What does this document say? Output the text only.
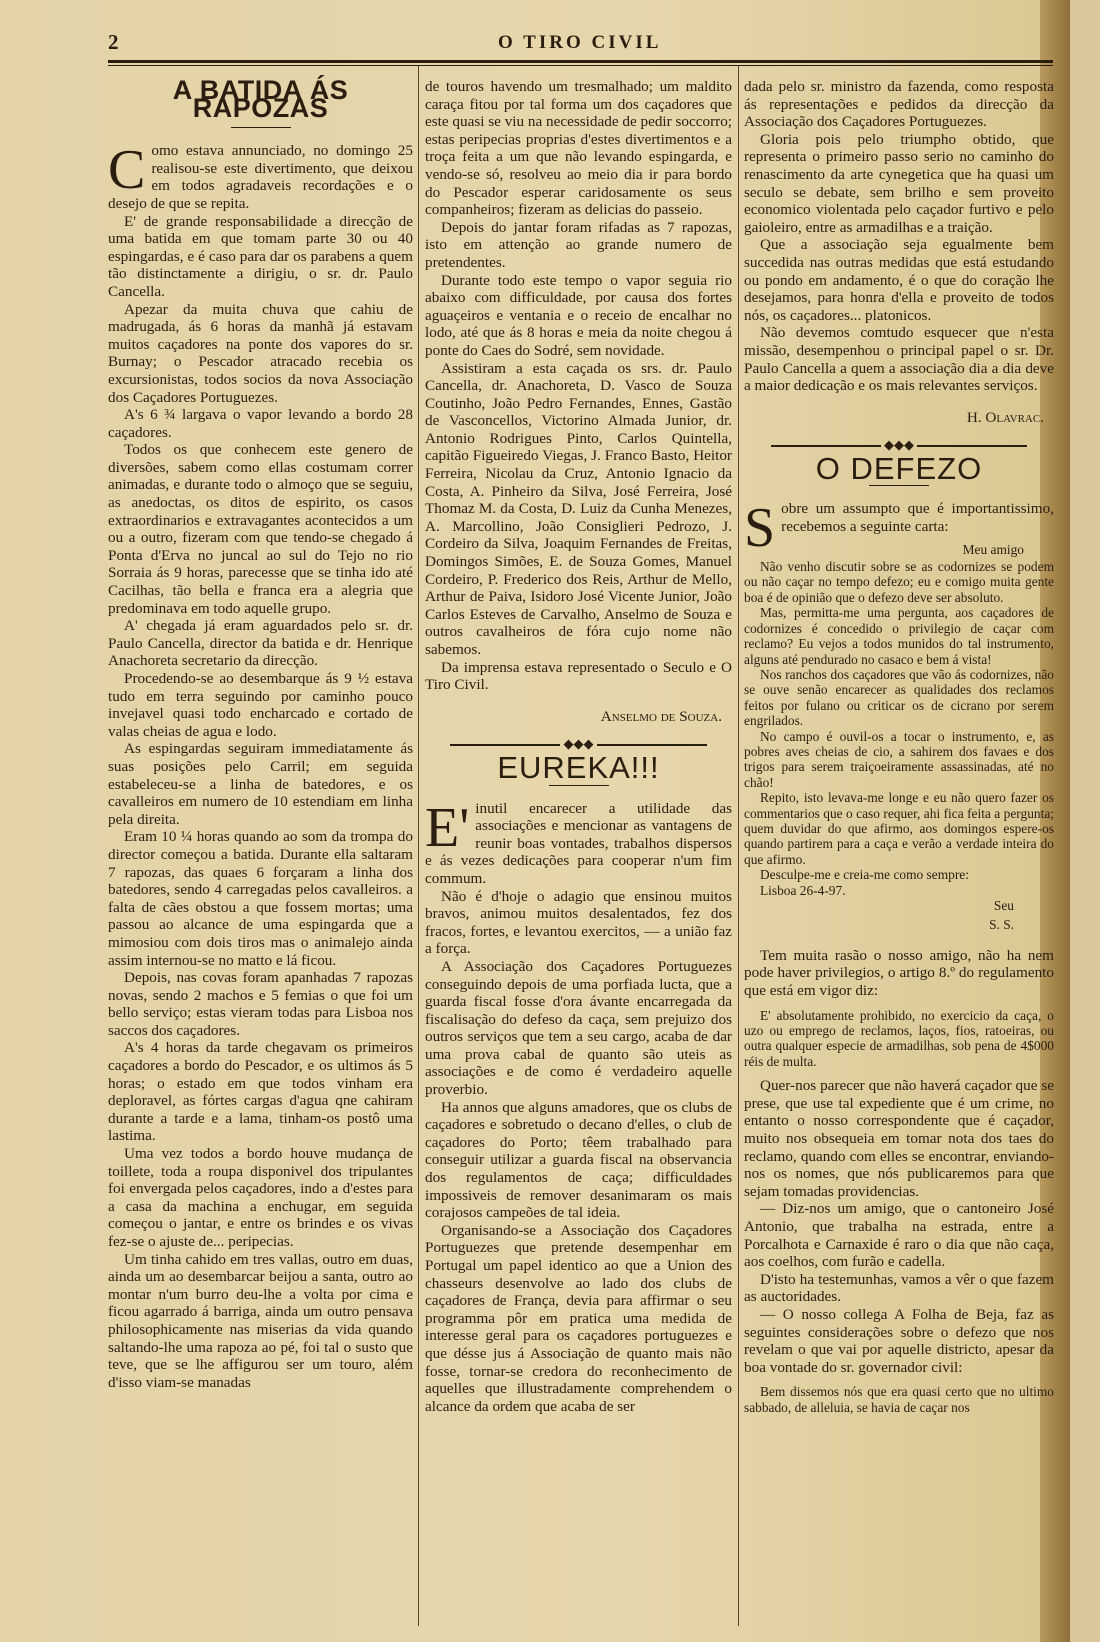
2	O TIRO CIVIL
A BATIDA ÁS RAPOZAS

Como estava annunciado, no domingo 25 realisou-se este divertimento, que deixou em todos agradaveis recordações e o desejo de que se repita.

E' de grande responsabilidade a direcção de uma batida em que tomam parte 30 ou 40 espingardas, e é caso para dar os parabens a quem tão distinctamente a dirigiu, o sr. dr. Paulo Cancella.

Apezar da muita chuva que cahiu de madrugada, ás 6 horas da manhã já estavam muitos caçadores na ponte dos vapores do sr. Burnay; o Pescador atracado recebia os excursionistas, todos socios da nova Associação dos Caçadores Portuguezes.

A's 6 ¾ largava o vapor levando a bordo 28 caçadores.

Todos os que conhecem este genero de diversões, sabem como ellas costumam correr animadas, e durante todo o almoço que se seguiu, as anedoctas, os ditos de espirito, os casos extraordinarios e extravagantes acontecidos a um ou a outro, fizeram com que tendo-se chegado á Ponta d'Erva no juncal ao sul do Tejo no rio Sorraia ás 9 horas, parecesse que se tinha ido até Cacilhas, tão bella e franca era a alegria que predominava em todo aquelle grupo.

A' chegada já eram aguardados pelo sr. dr. Paulo Cancella, director da batida e dr. Henrique Anachoreta secretario da direcção.

Procedendo-se ao desembarque ás 9 ½ estava tudo em terra seguindo por caminho pouco invejavel quasi todo encharcado e cortado de valas cheias de agua e lodo.

As espingardas seguiram immediatamente ás suas posições pelo Carril; em seguida estabeleceu-se a linha de batedores, e os cavalleiros em numero de 10 estendiam em linha pela direita.

Eram 10 ¼ horas quando ao som da trompa do director começou a batida. Durante ella saltaram 7 rapozas, das quaes 6 forçaram a linha dos batedores, sendo 4 carregadas pelos cavalleiros. a falta de cães obstou a que fossem mortas; uma passou ao alcance de uma espingarda que a mimosiou com dois tiros mas o animalejo ainda assim internou-se no matto e lá ficou.

Depois, nas covas foram apanhadas 7 rapozas novas, sendo 2 machos e 5 femias o que foi um bello serviço; estas vieram todas para Lisboa nos saccos dos caçadores.

A's 4 horas da tarde chegavam os primeiros caçadores a bordo do Pescador, e os ultimos ás 5 horas; o estado em que todos vinham era deploravel, as fórtes cargas d'agua qne cahiram durante a tarde e a lama, tinham-os postô uma lastima.

Uma vez todos a bordo houve mudança de toillete, toda a roupa disponivel dos tripulantes foi envergada pelos caçadores, indo a d'estes para a casa da machina a enchugar, em seguida começou o jantar, e entre os brindes e os vivas fez-se o ajuste de... peripecias.

Um tinha cahido em tres vallas, outro em duas, ainda um ao desembarcar beijou a santa, outro ao montar n'um burro deu-lhe a volta por cima e ficou agarrado á barriga, ainda um outro pensava philosophicamente nas miserias da vida quando saltando-lhe uma rapoza ao pé, foi tal o susto que teve, que se lhe affigurou ser um touro, além d'isso viam-se manadas

de touros havendo um tresmalhado; um maldito caraça fitou por tal forma um dos caçadores que este quasi se viu na necessidade de pedir soccorro; estas peripecias proprias d'estes divertimentos e a troça feita a um que não levando espingarda, e vendo-se só, resolveu ao meio dia ir para bordo do Pescador esperar caridosamente os seus companheiros; fizeram as delicias do passeio.

Depois do jantar foram rifadas as 7 rapozas, isto em attenção ao grande numero de pretendentes.

Durante todo este tempo o vapor seguia rio abaixo com difficuldade, por causa dos fortes aguaçeiros e ventania e o receio de encalhar no lodo, até que ás 8 horas e meia da noite chegou á ponte do Caes do Sodré, sem novidade.

Assistiram a esta caçada os srs. dr. Paulo Cancella, dr. Anachoreta, D. Vasco de Souza Coutinho, João Pedro Fernandes, Ennes, Gastão de Vasconcellos, Victorino Almada Junior, dr. Antonio Rodrigues Pinto, Carlos Quintella, capitão Figueiredo Viegas, J. Franco Basto, Heitor Ferreira, Nicolau da Cruz, Antonio Ignacio da Costa, A. Pinheiro da Silva, José Ferreira, José Thomaz M. da Costa, D. Luiz da Cunha Menezes, A. Marcollino, João Consiglieri Pedrozo, J. Cordeiro da Silva, Joaquim Fernandes de Freitas, Domingos Simões, E. de Souza Gomes, Manuel Cordeiro, P. Frederico dos Reis, Arthur de Mello, Arthur de Paiva, Isidoro José Vicente Junior, João Carlos Esteves de Carvalho, Anselmo de Souza e outros cavalheiros de fóra cujo nome não sabemos.

Da imprensa estava representado o Seculo e O Tiro Civil.

Anselmo de Souza.
◆◆◆
EUREKA!!!

E' inutil encarecer a utilidade das associações e mencionar as vantagens de reunir boas vontades, trabalhos dispersos e ás vezes dedicações para cooperar n'um fim commum.

Não é d'hoje o adagio que ensinou muitos bravos, animou muitos desalentados, fez dos fracos, fortes, e levantou exercitos, — a união faz a força.

A Associação dos Caçadores Portuguezes conseguindo depois de uma porfiada lucta, que a guarda fiscal fosse d'ora ávante encarregada da fiscalisação do defeso da caça, sem prejuizo dos outros serviços que tem a seu cargo, acaba de dar uma prova cabal de quanto são uteis as associações e de como é verdadeiro aquelle proverbio.

Ha annos que alguns amadores, que os clubs de caçadores e sobretudo o decano d'elles, o club de caçadores do Porto; têem trabalhado para conseguir utilizar a guarda fiscal na observancia dos regulamentos de caça; difficuldades impossiveis de remover desanimaram os mais corajosos campeões de tal ideia.

Organisando-se a Associação dos Caçadores Portuguezes que pretende desempenhar em Portugal um papel identico ao que a Union des chasseurs desenvolve ao lado dos clubs de caçadores de França, devia para affirmar o seu programma pôr em pratica uma medida de interesse geral para os caçadores portuguezes e que désse jus á Associação de quanto mais não fosse, tornar-se credora do reconhecimento de aquelles que illustradamente comprehendem o alcance da ordem que acaba de ser

dada pelo sr. ministro da fazenda, como resposta ás representações e pedidos da direcção da Associação dos Caçadores Portuguezes.

Gloria pois pelo triumpho obtido, que representa o primeiro passo serio no caminho do renascimento da arte cynegetica que ha quasi um seculo se debate, sem brilho e sem proveito economico violentada pelo caçador furtivo e pelo gaioleiro, entre as armadilhas e a traição.

Que a associação seja egualmente bem succedida nas outras medidas que está estudando ou pondo em andamento, é o que do coração lhe desejamos, para honra d'ella e proveito de todos nós, os caçadores... platonicos.

Não devemos comtudo esquecer que n'esta missão, desempenhou o principal papel o sr. Dr. Paulo Cancella a quem a associação dia a dia deve a maior dedicação e os mais relevantes serviços.

H. Olavrac.
◆◆◆
O DEFEZO

Sobre um assumpto que é importantissimo, recebemos a seguinte carta:

Meu amigo

Não venho discutir sobre se as codornizes se podem ou não caçar no tempo defezo; eu e comigo muita gente boa é de opinião que o defezo deve ser absoluto.

Mas, permitta-me uma pergunta, aos caçadores de codornizes é concedido o privilegio de caçar com reclamo? Eu vejos a todos munidos do tal instrumento, alguns até pendurado no casaco e bem á vista!

Nos ranchos dos caçadores que vão ás codornizes, não se ouve senão encarecer as qualidades dos reclamos feitos por fulano ou criticar os de cicrano por serem engrilados.

No campo é ouvil-os a tocar o instrumento, e, as pobres aves cheias de cio, a sahirem dos favaes e dos trigos para serem traiçoeiramente assassinadas, até no chão!

Repito, isto levava-me longe e eu não quero fazer os commentarios que o caso requer, ahi fica feita a pergunta; quem duvidar do que afirmo, aos domingos espere-os quando partirem para a caça e verão a verdade inteira do que afirmo.

Desculpe-me e creia-me como sempre:

Lisboa 26-4-97.

Seu
S. S.

Tem muita rasão o nosso amigo, não ha nem pode haver privilegios, o artigo 8.º do regulamento que está em vigor diz:

E' absolutamente prohibido, no exercicio da caça, o uzo ou emprego de reclamos, laços, fios, ratoeiras, ou outra qualquer especie de armadilhas, sob pena de 4$000 réis de multa.

Quer-nos parecer que não haverá caçador que se prese, que use tal expediente que é um crime, no entanto o nosso correspondente que é caçador, muito nos obsequeia em tomar nota dos taes do reclamo, quando com elles se encontrar, enviando-nos os nomes, que nós publicaremos para que sejam tomadas providencias.

— Diz-nos um amigo, que o cantoneiro José Antonio, que trabalha na estrada, entre a Porcalhota e Carnaxide é raro o dia que não caça, aos coelhos, com furão e cadella.

D'isto ha testemunhas, vamos a vêr o que fazem as auctoridades.

— O nosso collega A Folha de Beja, faz as seguintes considerações sobre o defezo que nos revelam o que vai por aquelle districto, apesar da boa vontade do sr. governador civil:

Bem dissemos nós que era quasi certo que no ultimo sabbado, de alleluia, se havia de caçar nos
